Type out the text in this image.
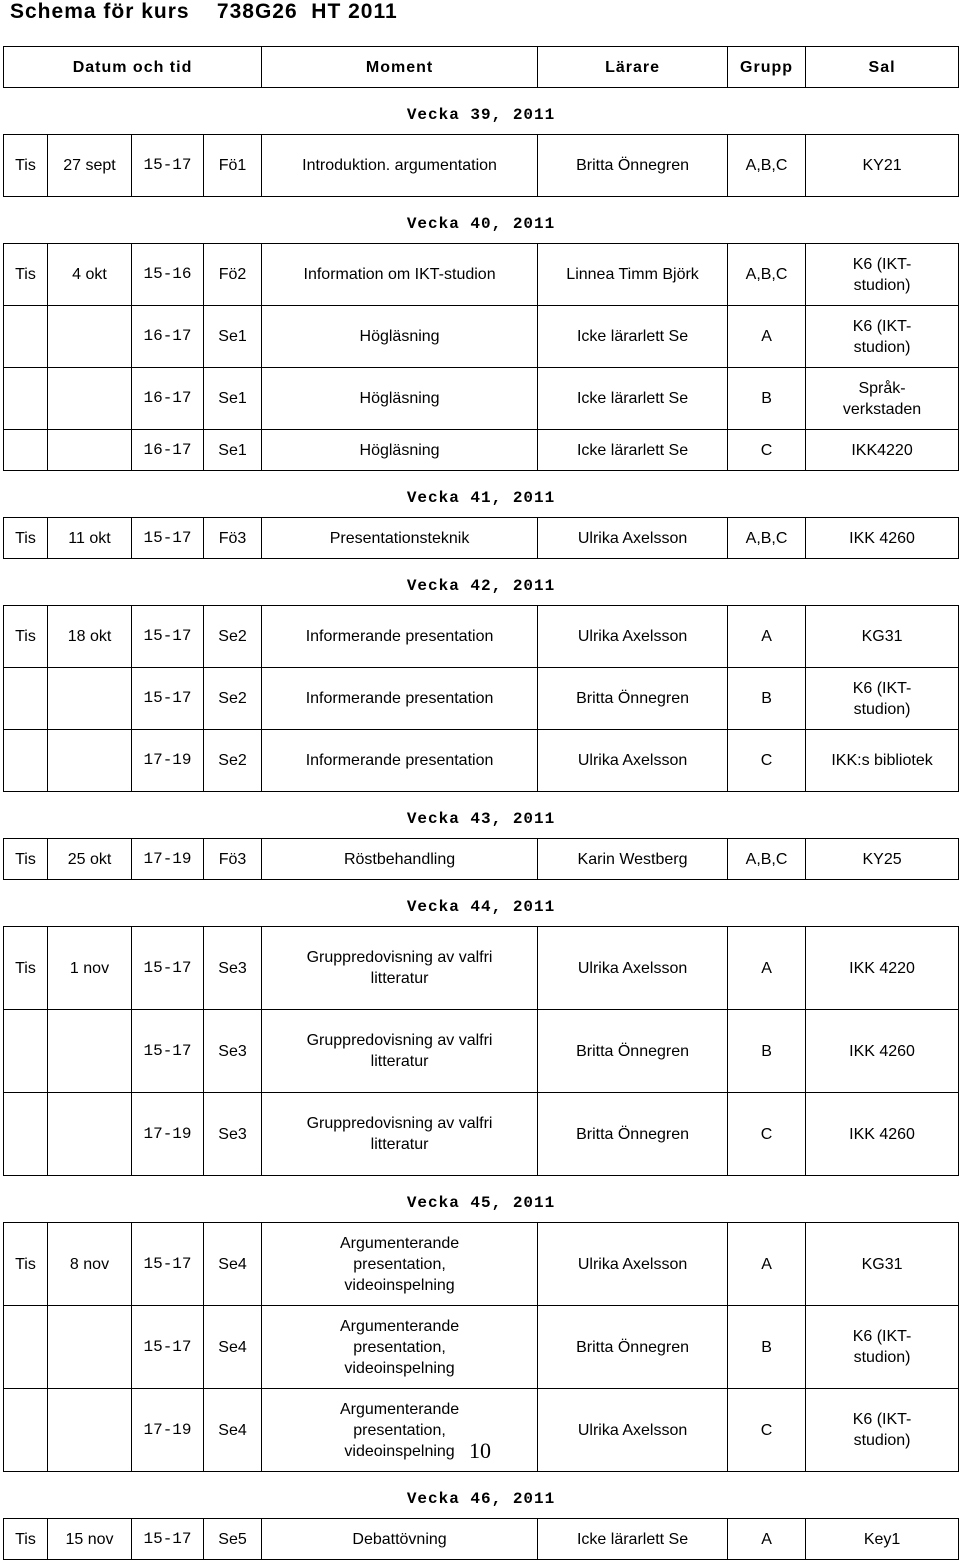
Schema för kurs    738G26  HT 2011
Datum och tid				Moment	Lärare	Grupp	Sal
Vecka 39, 2011							
Tis	27 sept	15-17	Fö1	Introduktion. argumentation	Britta Önnegren	A,B,C	KY21
Vecka 40, 2011							
Tis	4 okt	15-16	Fö2	Information om IKT-studion	Linnea Timm Björk	A,B,C	K6 (IKT-studion)
		16-17	Se1	Högläsning	Icke lärarlett Se	A	K6 (IKT-studion)
		16-17	Se1	Högläsning	Icke lärarlett Se	B	Språk-verkstaden
		16-17	Se1	Högläsning	Icke lärarlett Se	C	IKK4220
Vecka 41, 2011							
Tis	11 okt	15-17	Fö3	Presentationsteknik	Ulrika Axelsson	A,B,C	IKK 4260
Vecka 42, 2011							
Tis	18 okt	15-17	Se2	Informerande presentation	Ulrika Axelsson	A	KG31
		15-17	Se2	Informerande presentation	Britta Önnegren	B	K6 (IKT-studion)
		17-19	Se2	Informerande presentation	Ulrika Axelsson	C	IKK:s bibliotek
Vecka 43, 2011							
Tis	25 okt	17-19	Fö3	Röstbehandling	Karin Westberg	A,B,C	KY25
Vecka 44, 2011							
Tis	1 nov	15-17	Se3	Gruppredovisning av valfri litteratur	Ulrika Axelsson	A	IKK 4220
		15-17	Se3	Gruppredovisning av valfri litteratur	Britta Önnegren	B	IKK 4260
		17-19	Se3	Gruppredovisning av valfri litteratur	Britta Önnegren	C	IKK 4260
Vecka 45, 2011							
Tis	8 nov	15-17	Se4	Argumenterande presentation, videoinspelning	Ulrika Axelsson	A	KG31
		15-17	Se4	Argumenterande presentation, videoinspelning	Britta Önnegren	B	K6 (IKT-studion)
		17-19	Se4	Argumenterande presentation, videoinspelning	Ulrika Axelsson	C	K6 (IKT-studion)
Vecka 46, 2011							
Tis	15 nov	15-17	Se5	Debattövning	Icke lärarlett Se	A	Key1
10
